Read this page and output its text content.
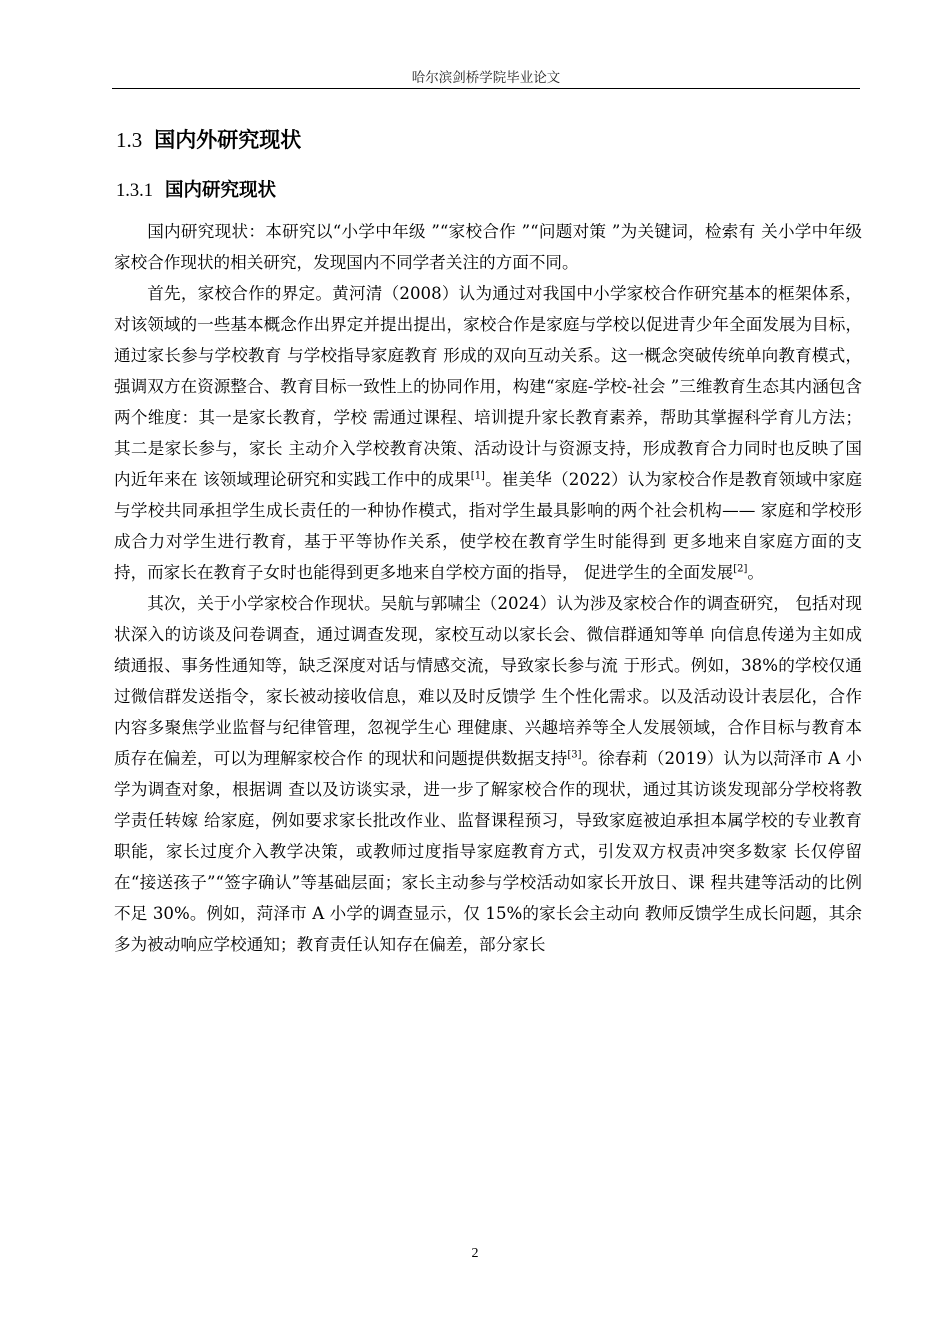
哈尔滨剑桥学院毕业论文
1.3 国内外研究现状
1.3.1 国内研究现状

国内研究现状：本研究以“小学中年级 ”“家校合作 ”“问题对策 ”为关键词，检索有 关小学中年级家校合作现状的相关研究，发现国内不同学者关注的方面不同。

首先，家校合作的界定。黄河清（2008）认为通过对我国中小学家校合作研究基本的框架体系，对该领域的一些基本概念作出界定并提出提出，家校合作是家庭与学校以促进青少年全面发展为目标，通过家长参与学校教育 与学校指导家庭教育 形成的双向互动关系。这一概念突破传统单向教育模式，强调双方在资源整合、教育目标一致性上的协同作用，构建“家庭-学校-社会 ”三维教育生态其内涵包含两个维度：其一是家长教育，学校 需通过课程、培训提升家长教育素养，帮助其掌握科学育儿方法；其二是家长参与，家长 主动介入学校教育决策、活动设计与资源支持，形成教育合力同时也反映了国内近年来在 该领域理论研究和实践工作中的成果[1]。崔美华（2022）认为家校合作是教育领域中家庭 与学校共同承担学生成长责任的一种协作模式，指对学生最具影响的两个社会机构—— 家庭和学校形成合力对学生进行教育，基于平等协作关系，使学校在教育学生时能得到 更多地来自家庭方面的支持，而家长在教育子女时也能得到更多地来自学校方面的指导， 促进学生的全面发展[2]。

其次，关于小学家校合作现状。吴航与郭啸尘（2024）认为涉及家校合作的调查研究， 包括对现状深入的访谈及问卷调查，通过调查发现，家校互动以家长会、微信群通知等单 向信息传递为主如成绩通报、事务性通知等，缺乏深度对话与情感交流，导致家长参与流 于形式。例如，38%的学校仅通过微信群发送指令，家长被动接收信息，难以及时反馈学 生个性化需求。以及活动设计表层化，合作内容多聚焦学业监督与纪律管理，忽视学生心 理健康、兴趣培养等全人发展领域，合作目标与教育本质存在偏差，可以为理解家校合作 的现状和问题提供数据支持[3]。徐春莉（2019）认为以菏泽市 A 小学为调查对象，根据调 查以及访谈实录，进一步了解家校合作的现状，通过其访谈发现部分学校将教学责任转嫁 给家庭，例如要求家长批改作业、监督课程预习，导致家庭被迫承担本属学校的专业教育 职能，家长过度介入教学决策，或教师过度指导家庭教育方式，引发双方权责冲突多数家 长仅停留在“接送孩子”“签字确认”等基础层面；家长主动参与学校活动如家长开放日、课 程共建等活动的比例不足 30%。例如，菏泽市 A 小学的调查显示，仅 15%的家长会主动向 教师反馈学生成长问题，其余多为被动响应学校通知；教育责任认知存在偏差，部分家长

2
